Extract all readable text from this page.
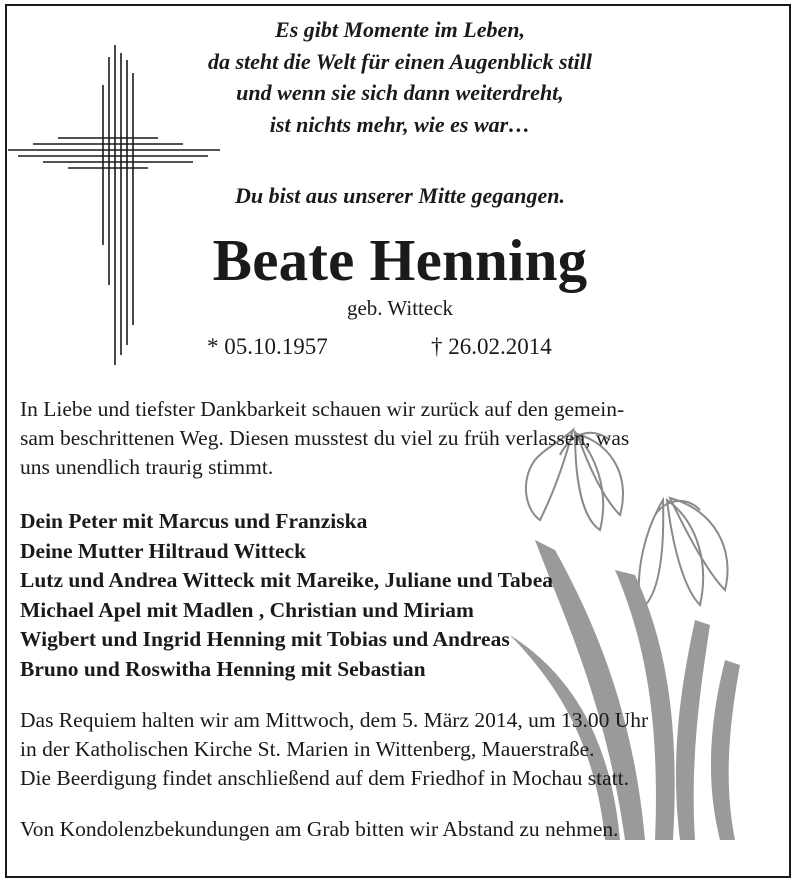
Es gibt Momente im Leben,
da steht die Welt für einen Augenblick still
und wenn sie sich dann weiterdreht,
ist nichts mehr, wie es war…
Du bist aus unserer Mitte gegangen.
Beate Henning
geb. Witteck
* 05.10.1957	† 26.02.2014
In Liebe und tiefster Dankbarkeit schauen wir zurück auf den gemein-
sam beschrittenen Weg. Diesen musstest du viel zu früh verlassen, was
uns unendlich traurig stimmt.
Dein Peter mit Marcus und Franziska
Deine Mutter Hiltraud Witteck
Lutz und Andrea Witteck mit Mareike, Juliane und Tabea
Michael Apel mit Madlen , Christian und Miriam
Wigbert und Ingrid Henning mit Tobias und Andreas
Bruno und Roswitha Henning mit Sebastian
Das Requiem halten wir am Mittwoch, dem 5. März 2014, um 13.00 Uhr
in der Katholischen Kirche St. Marien in Wittenberg, Mauerstraße.
Die Beerdigung findet anschließend auf dem Friedhof in Mochau statt.
Von Kondolenzbekundungen am Grab bitten wir Abstand zu nehmen.
